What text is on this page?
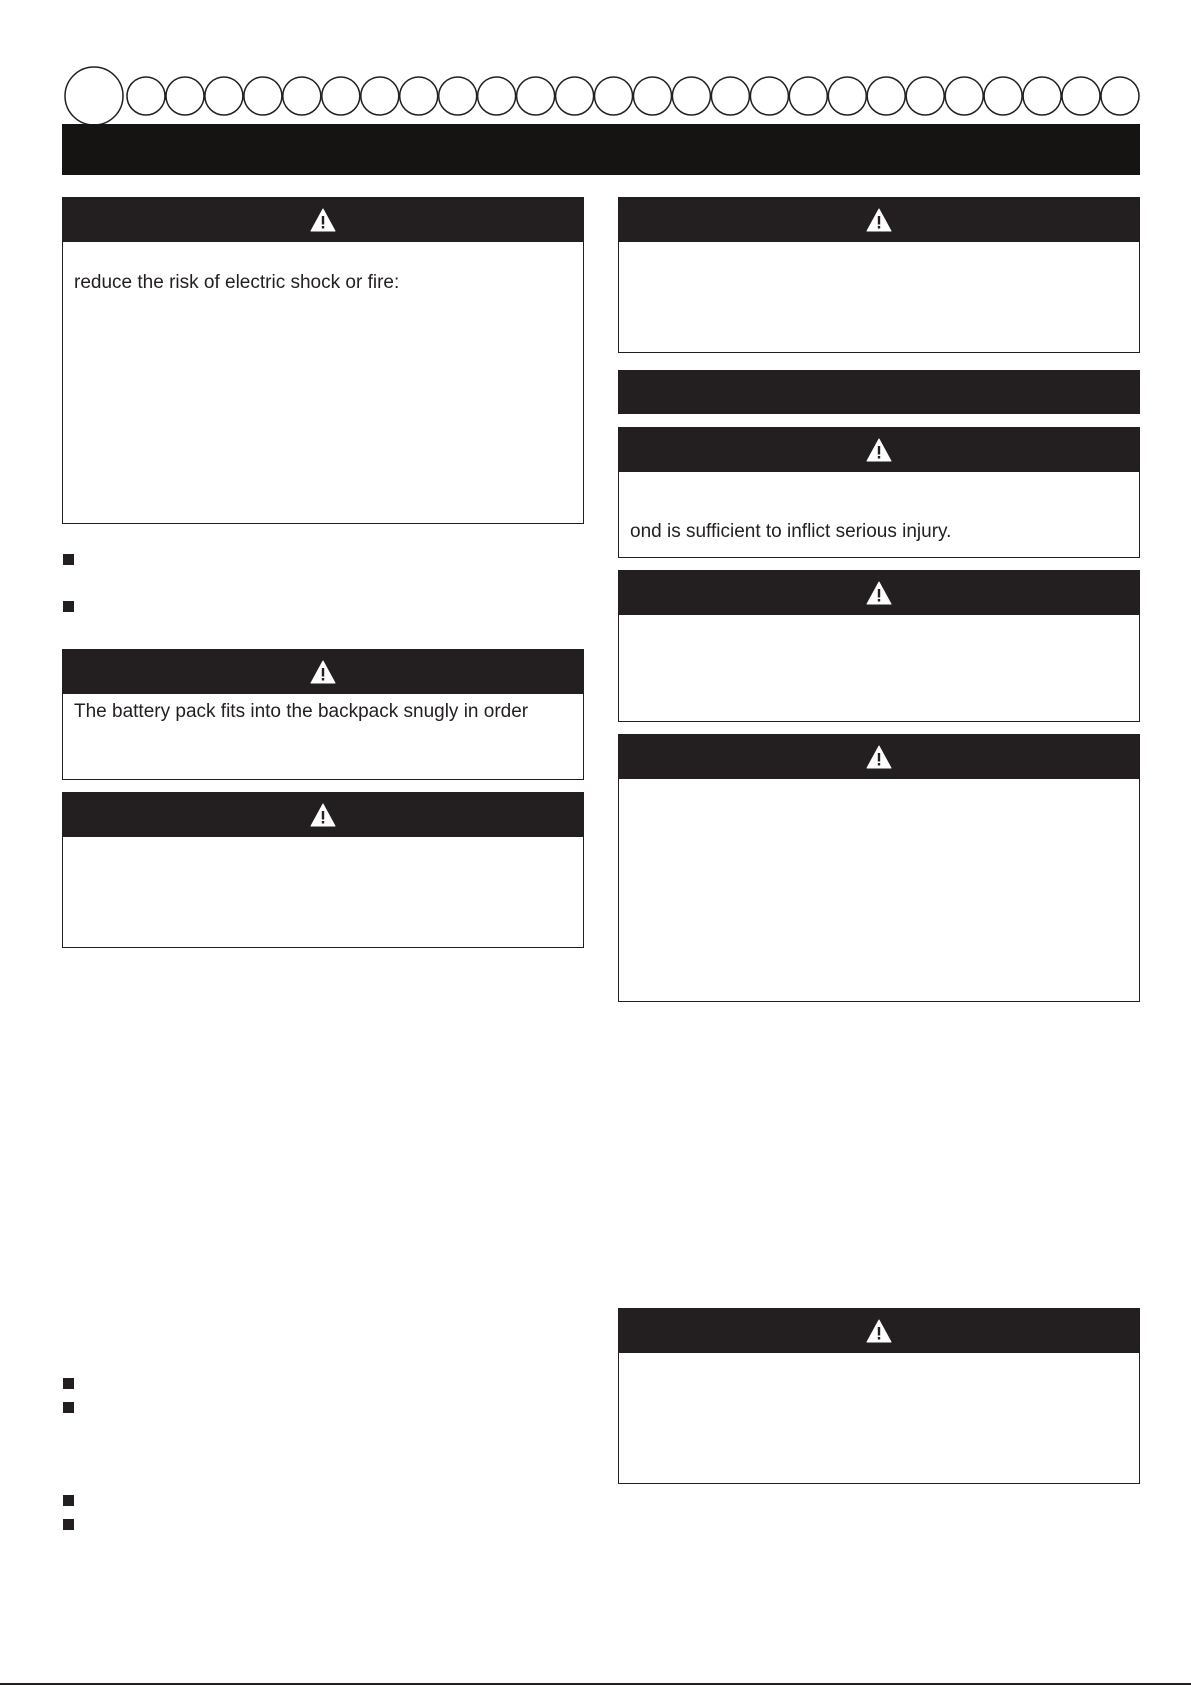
reduce the risk of electric shock or fire:
The battery pack fits into the backpack snugly in order
ond is sufficient to inflict serious injury.
